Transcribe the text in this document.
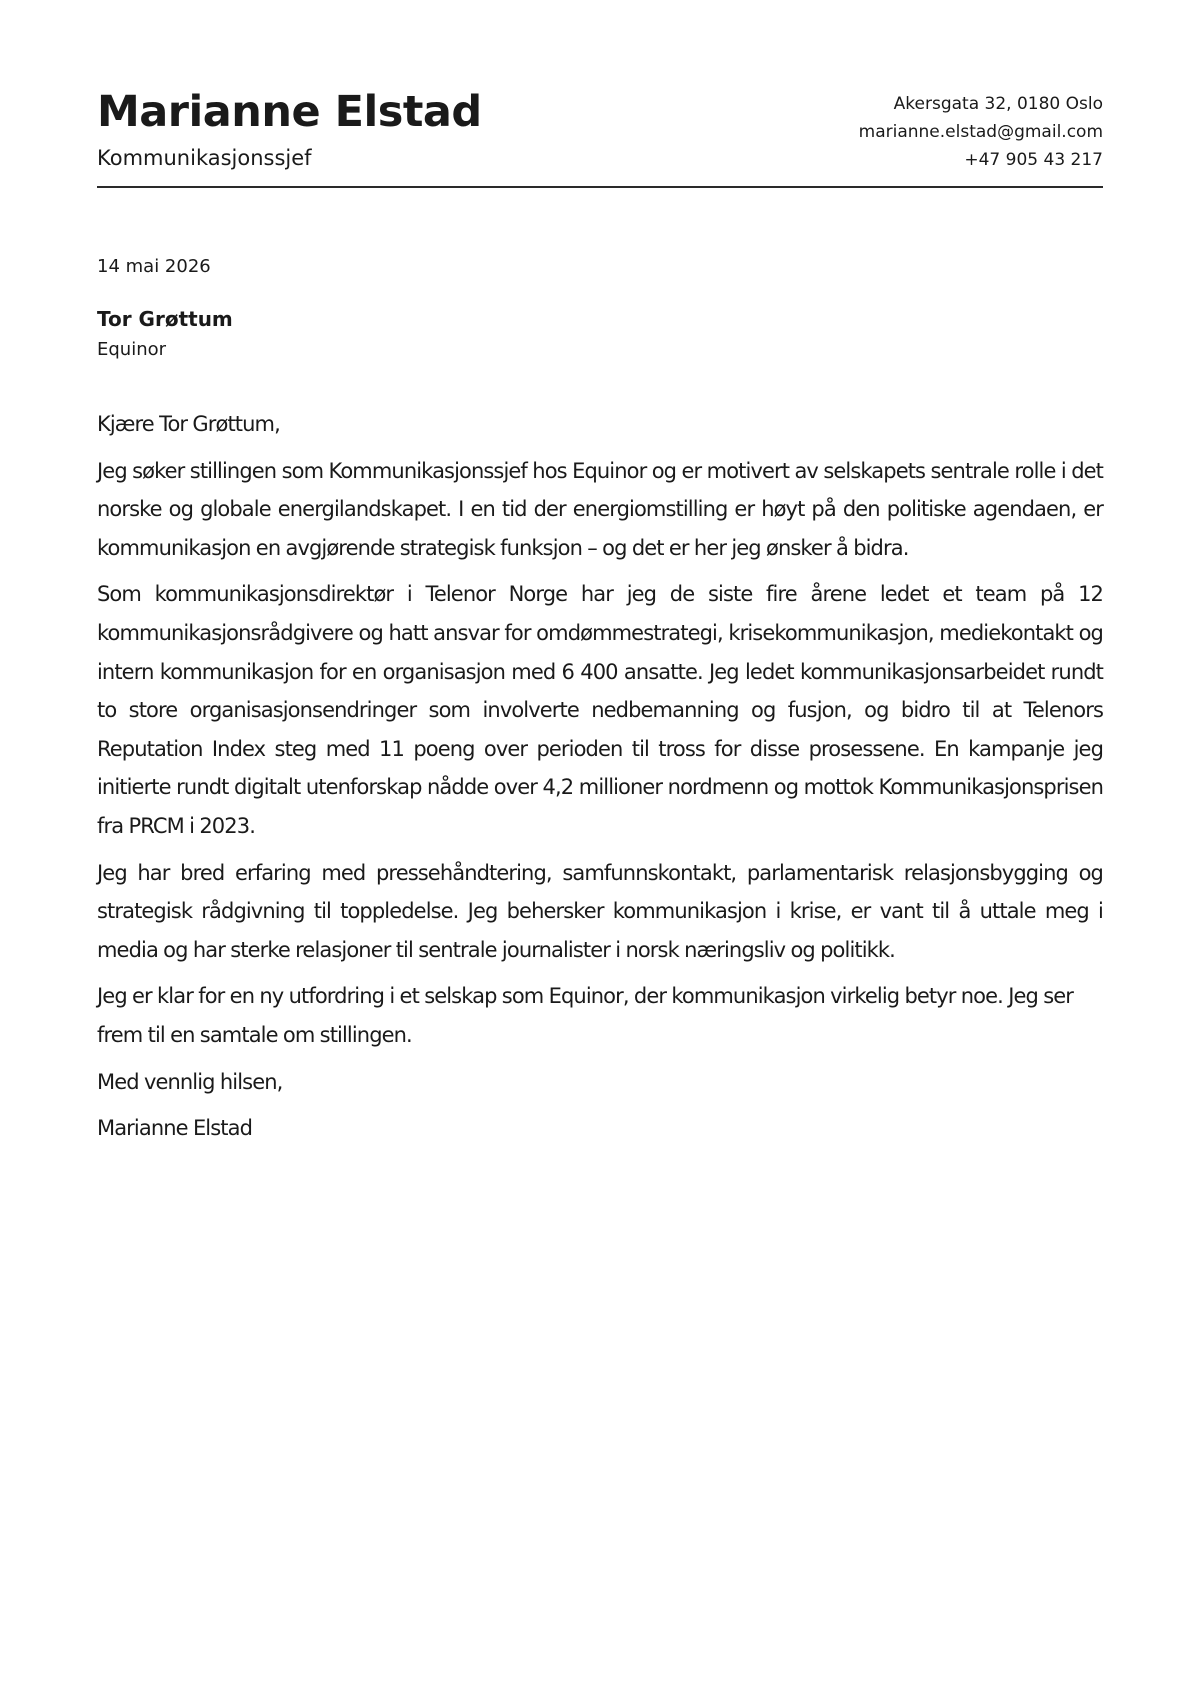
Marianne Elstad
Kommunikasjonssjef
Akersgata 32, 0180 Oslo
marianne.elstad@gmail.com
+47 905 43 217
14 mai 2026
Tor Grøttum
Equinor

Kjære Tor Grøttum,

Jeg søker stillingen som Kommunikasjonssjef hos Equinor og er motivert av selskapets sentrale rolle i det norske og globale energilandskapet. I en tid der energiomstilling er høyt på den politiske agendaen, er kommunikasjon en avgjørende strategisk funksjon – og det er her jeg ønsker å bidra.

Som kommunikasjonsdirektør i Telenor Norge har jeg de siste fire årene ledet et team på 12 kommunikasjonsrådgivere og hatt ansvar for omdømmestrategi, krisekommunikasjon, mediekontakt og intern kommunikasjon for en organisasjon med 6 400 ansatte. Jeg ledet kommunikasjonsarbeidet rundt to store organisasjonsendringer som involverte nedbemanning og fusjon, og bidro til at Telenors Reputation Index steg med 11 poeng over perioden til tross for disse prosessene. En kampanje jeg initierte rundt digitalt utenforskap nådde over 4,2 millioner nordmenn og mottok Kommunikasjonsprisen fra PRCM i 2023.

Jeg har bred erfaring med pressehåndtering, samfunnskontakt, parlamentarisk relasjonsbygging og strategisk rådgivning til toppledelse. Jeg behersker kommunikasjon i krise, er vant til å uttale meg i media og har sterke relasjoner til sentrale journalister i norsk næringsliv og politikk.

Jeg er klar for en ny utfordring i et selskap som Equinor, der kommunikasjon virkelig betyr noe. Jeg ser frem til en samtale om stillingen.

Med vennlig hilsen,

Marianne Elstad
